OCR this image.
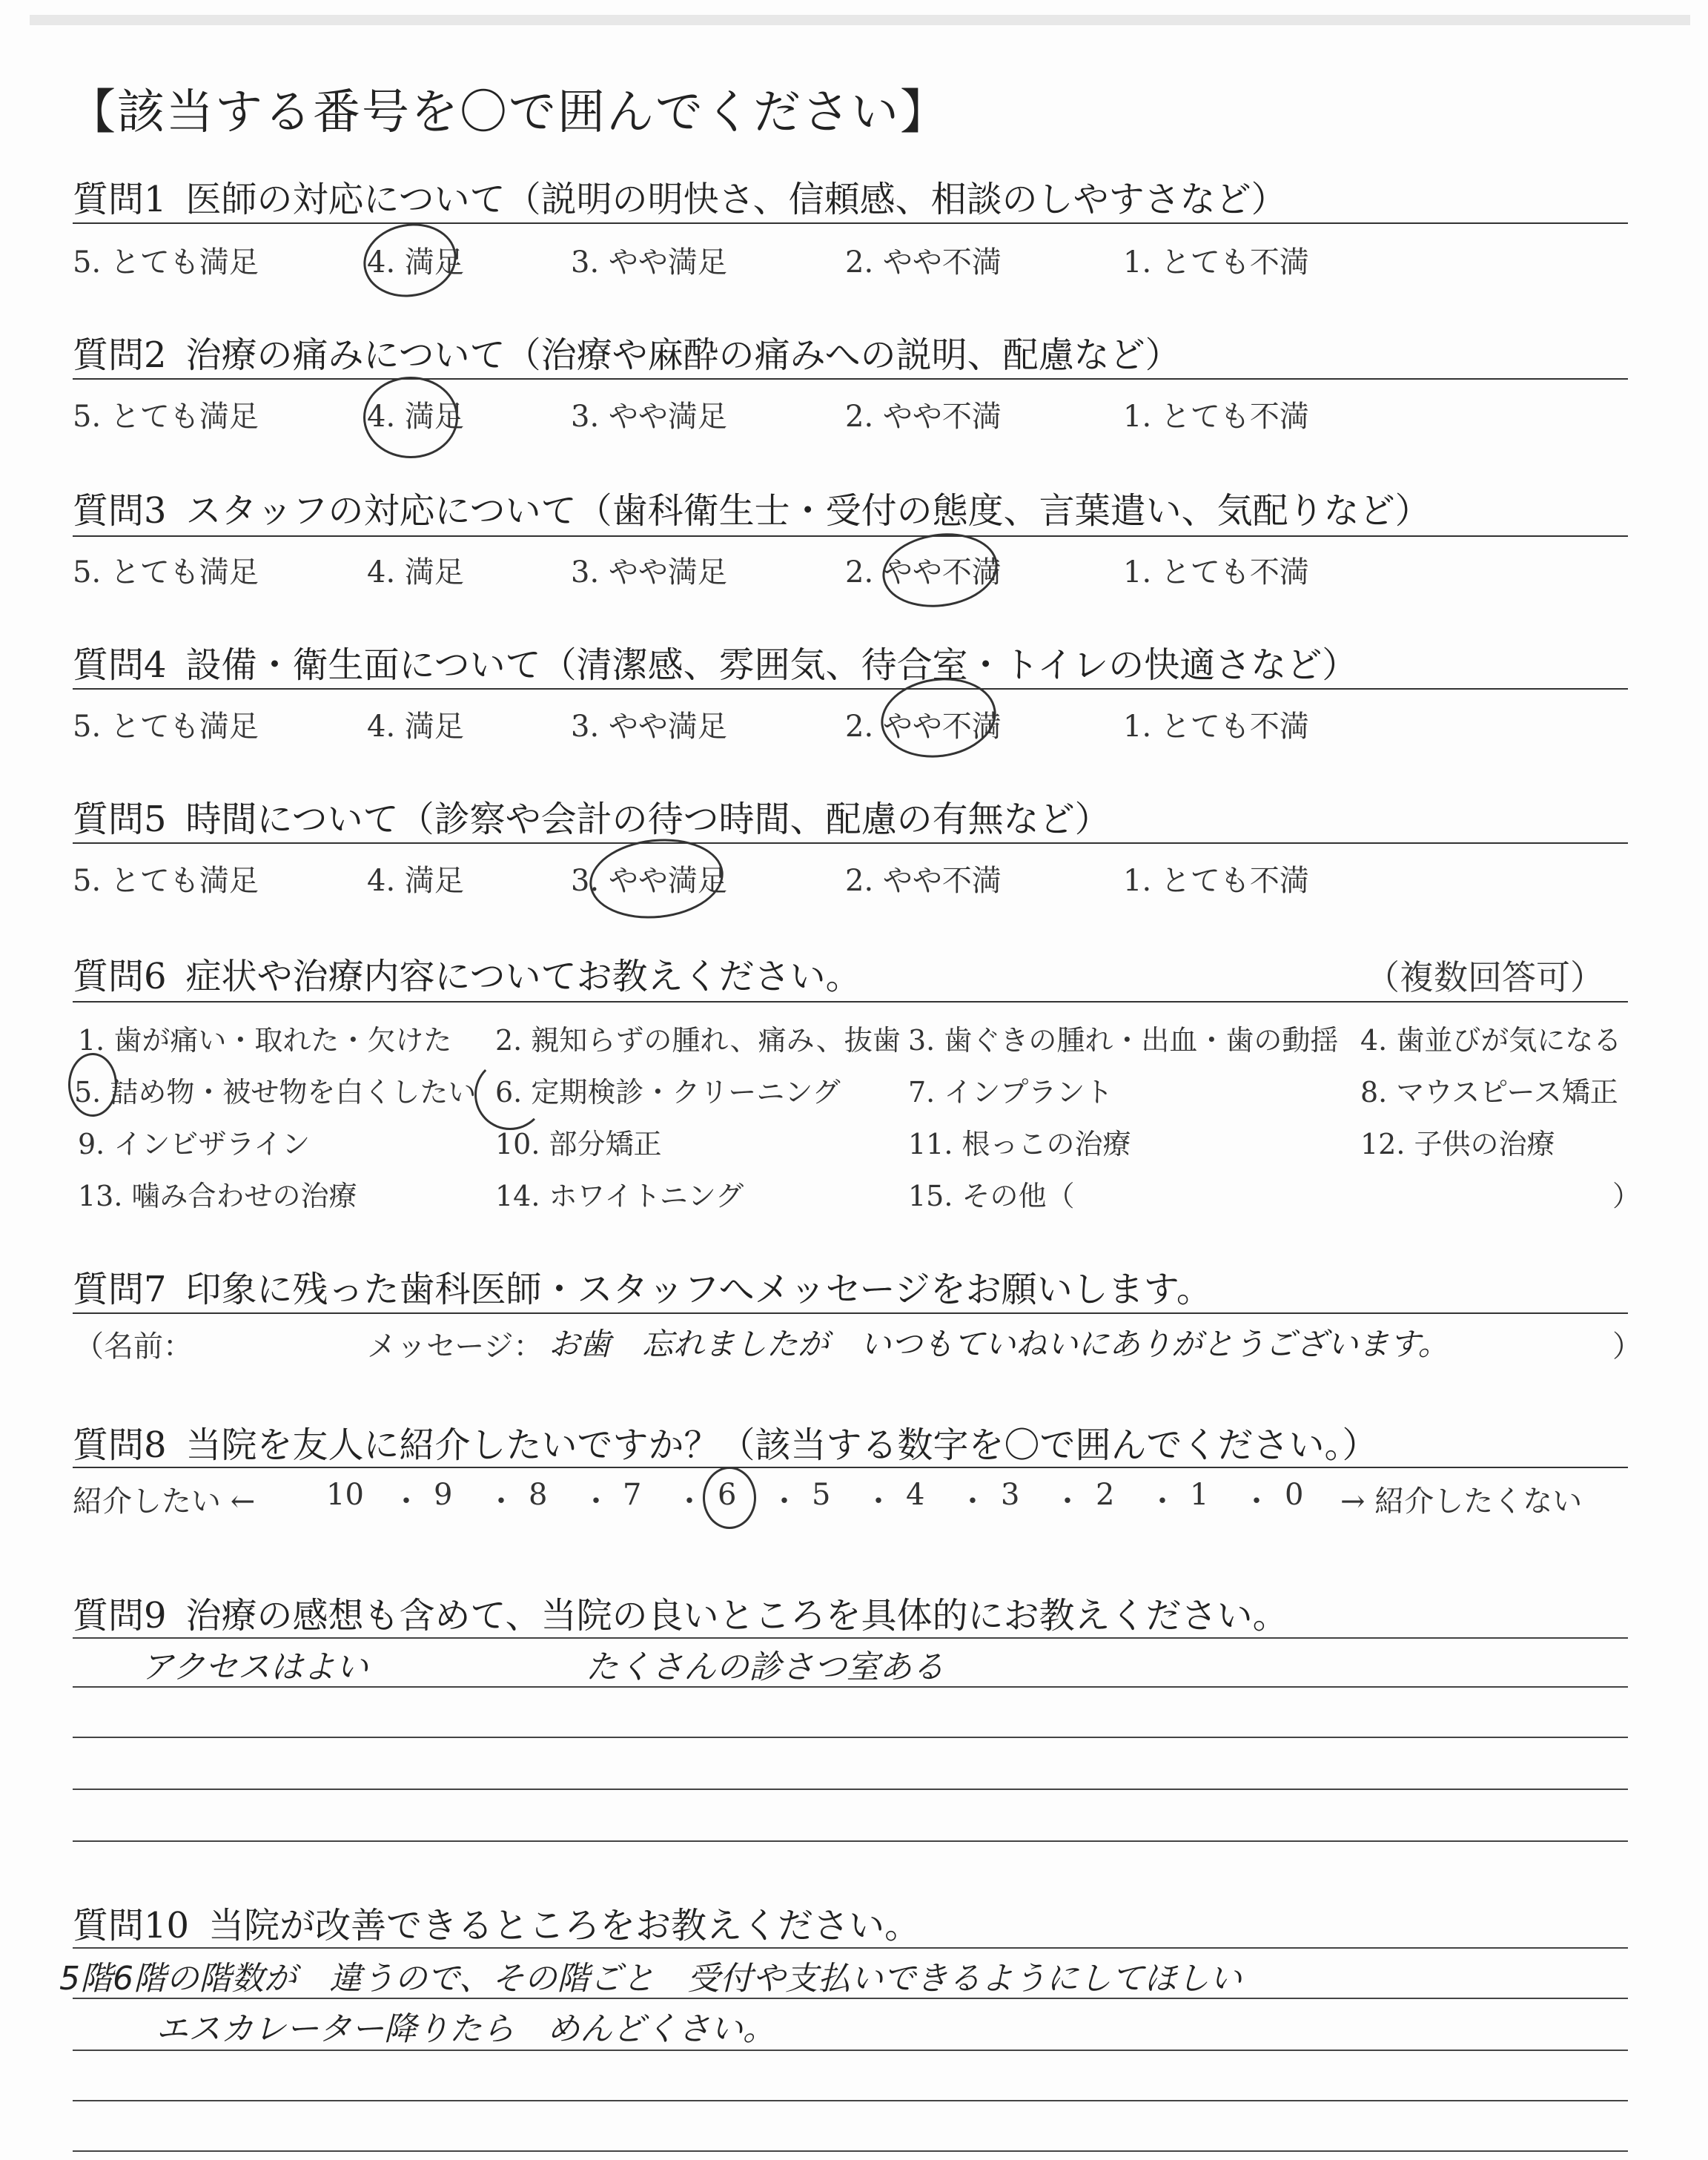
【該当する番号を〇で囲んでください】
質問1 医師の対応について（説明の明快さ、信頼感、相談のしやすさなど）
5. とても満足	4. 満足	3. やや満足	2. やや不満	1. とても不満
質問2 治療の痛みについて（治療や麻酔の痛みへの説明、配慮など）
5. とても満足	4. 満足	3. やや満足	2. やや不満	1. とても不満
質問3 スタッフの対応について（歯科衛生士・受付の態度、言葉遣い、気配りなど）
5. とても満足	4. 満足	3. やや満足	2. やや不満	1. とても不満
質問4 設備・衛生面について（清潔感、雰囲気、待合室・トイレの快適さなど）
5. とても満足	4. 満足	3. やや満足	2. やや不満	1. とても不満
質問5 時間について（診察や会計の待つ時間、配慮の有無など）
5. とても満足	4. 満足	3. やや満足	2. やや不満	1. とても不満
質問6 症状や治療内容についてお教えください。	（複数回答可）
1. 歯が痛い・取れた・欠けた 2. 親知らずの腫れ、痛み、抜歯 3. 歯ぐきの腫れ・出血・歯の動揺 4. 歯並びが気になる
5. 詰め物・被せ物を白くしたい 6. 定期検診・クリーニング 7. インプラント	8. マウスピース矯正
9. インビザライン	10. 部分矯正	11. 根っこの治療	12. 子供の治療
13. 噛み合わせの治療	14. ホワイトニング	15. その他（	）
質問7 印象に残った歯科医師・スタッフへメッセージをお願いします。
（名前：	メッセージ： お歯　忘れましたが　いつもていねいにありがとうございます。	）
質問8 当院を友人に紹介したいですか？（該当する数字を〇で囲んでください。）
紹介したい ← 10 9	8	7	6	5	4	3	2	1	0 → 紹介したくない
・ ・ ・ ・ ・ ・ ・ ・ ・ ・
質問9 治療の感想も含めて、当院の良いところを具体的にお教えください。
アクセスはよい	たくさんの診さつ室ある
質問10 当院が改善できるところをお教えください。
5階6階の階数が　違うので、その階ごと　受付や支払いできるようにしてほしい
エスカレーター降りたら　めんどくさい。
